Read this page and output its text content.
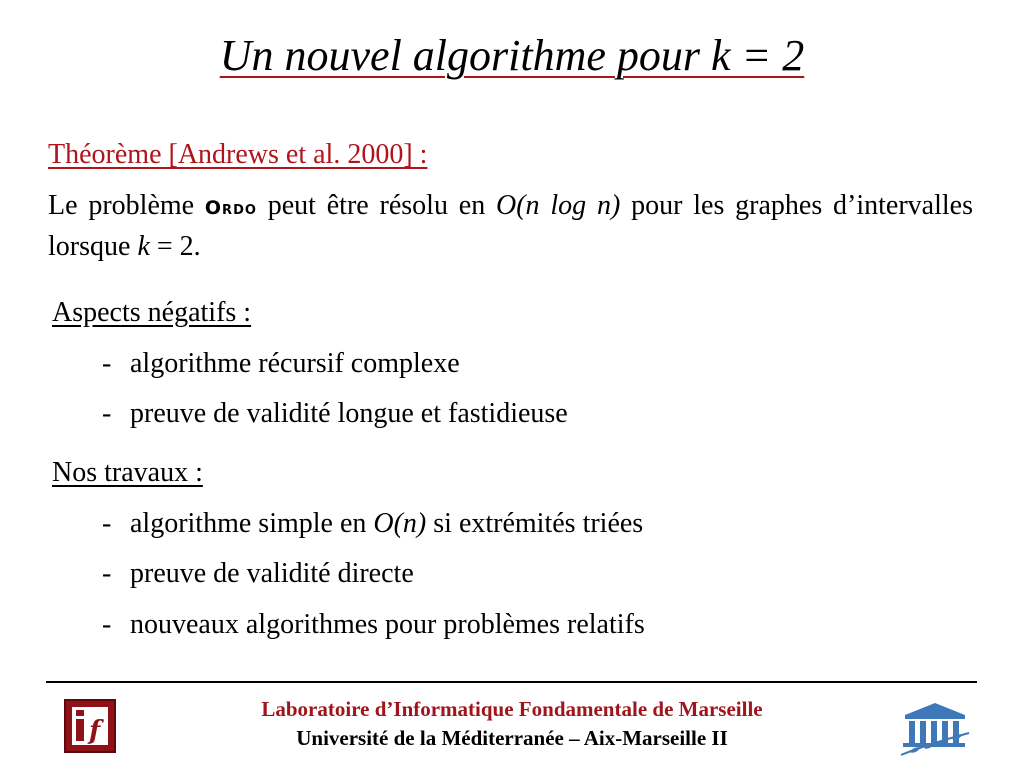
Un nouvel algorithme pour k = 2
Théorème [Andrews et al. 2000] :
Le problème Ordo peut être résolu en O(n log n) pour les graphes d’intervalles lorsque k = 2.
Aspects négatifs :
- algorithme récursif complexe
- preuve de validité longue et fastidieuse
Nos travaux :
- algorithme simple en O(n) si extrémités triées
- preuve de validité directe
- nouveaux algorithmes pour problèmes relatifs
f
Laboratoire d’Informatique Fondamentale de Marseille
Université de la Méditerranée – Aix-Marseille II
